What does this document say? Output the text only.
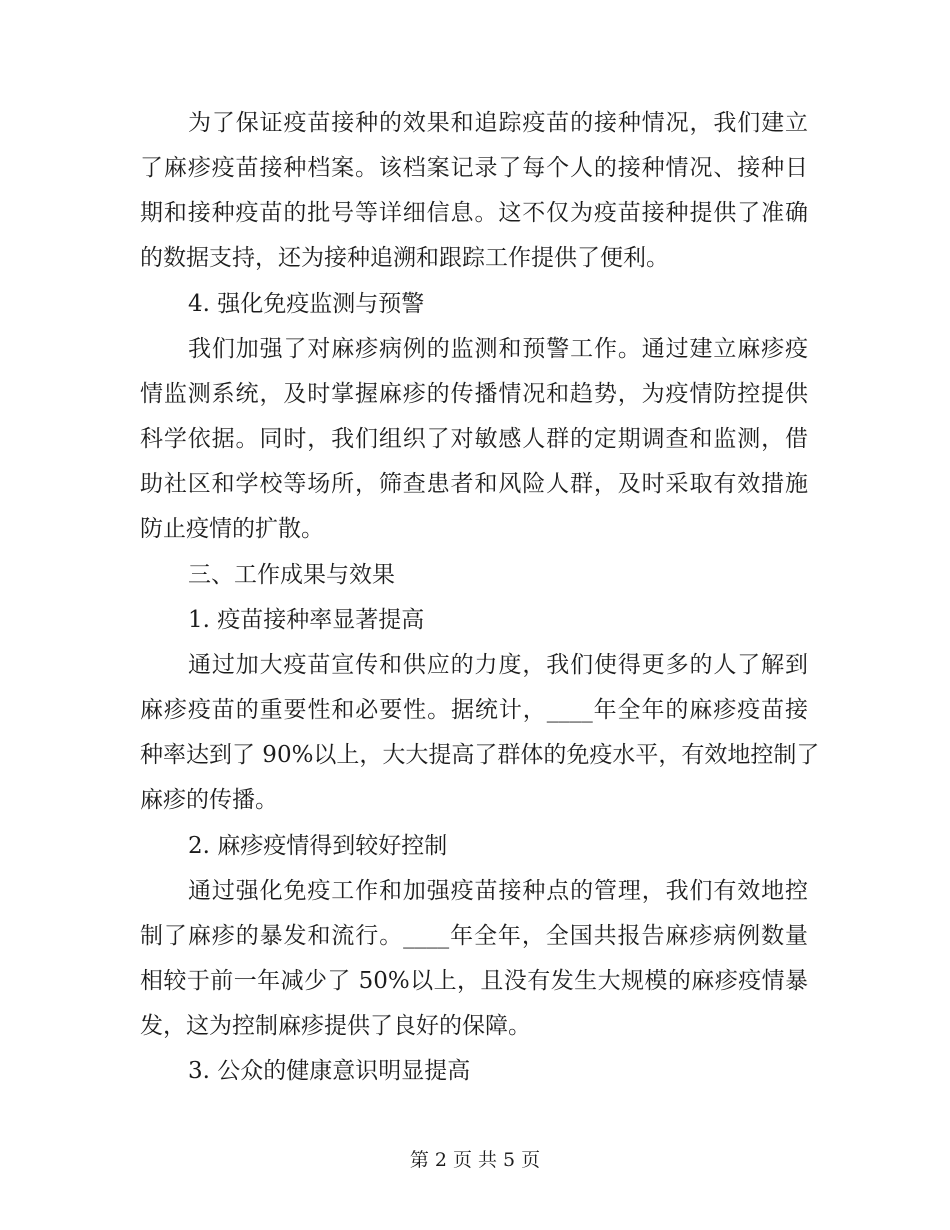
为了保证疫苗接种的效果和追踪疫苗的接种情况，我们建立
了麻疹疫苗接种档案。该档案记录了每个人的接种情况、接种日
期和接种疫苗的批号等详细信息。这不仅为疫苗接种提供了准确
的数据支持，还为接种追溯和跟踪工作提供了便利。
4. 强化免疫监测与预警
我们加强了对麻疹病例的监测和预警工作。通过建立麻疹疫
情监测系统，及时掌握麻疹的传播情况和趋势，为疫情防控提供
科学依据。同时，我们组织了对敏感人群的定期调查和监测，借
助社区和学校等场所，筛查患者和风险人群，及时采取有效措施
防止疫情的扩散。
三、工作成果与效果
1. 疫苗接种率显著提高
通过加大疫苗宣传和供应的力度，我们使得更多的人了解到
麻疹疫苗的重要性和必要性。据统计，____年全年的麻疹疫苗接
种率达到了 90%以上，大大提高了群体的免疫水平，有效地控制了
麻疹的传播。
2. 麻疹疫情得到较好控制
通过强化免疫工作和加强疫苗接种点的管理，我们有效地控
制了麻疹的暴发和流行。____年全年，全国共报告麻疹病例数量
相较于前一年减少了 50%以上，且没有发生大规模的麻疹疫情暴
发，这为控制麻疹提供了良好的保障。
3. 公众的健康意识明显提高
第 2 页 共 5 页
